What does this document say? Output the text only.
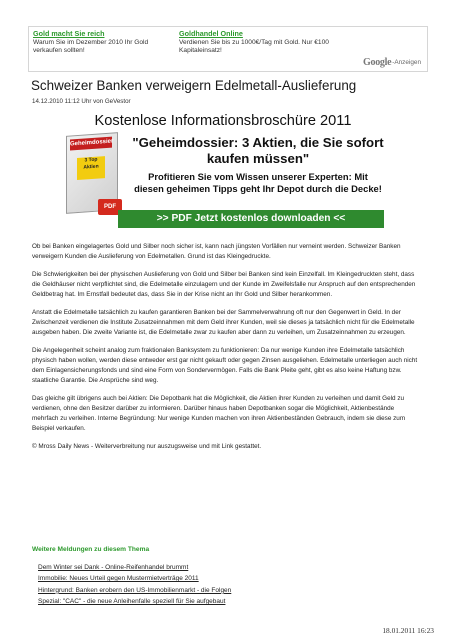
Gold macht Sie reich
Warum Sie im Dezember 2010 Ihr Gold verkaufen sollten!
Goldhandel Online
Verdienen Sie bis zu 1000€/Tag mit Gold. Nur €100 Kapitaleinsatz!
Google -Anzeigen
Schweizer Banken verweigern Edelmetall-Auslieferung
14.12.2010 11:12 Uhr von GeVestor
Kostenlose Informationsbroschüre 2011
Geheimdossier
3 Top Aktien
PDF
"Geheimdossier: 3 Aktien, die Sie sofort kaufen müssen"
Profitieren Sie vom Wissen unserer Experten: Mit diesen geheimen Tipps geht Ihr Depot durch die Decke!
>> PDF Jetzt kostenlos downloaden <<

Ob bei Banken eingelagertes Gold und Silber noch sicher ist, kann nach jüngsten Vorfällen nur verneint werden. Schweizer Banken verweigern Kunden die Auslieferung von Edelmetallen. Grund ist das Kleingedruckte.

Die Schwierigkeiten bei der physischen Auslieferung von Gold und Silber bei Banken sind kein Einzelfall. Im Kleingedruckten steht, dass die Geldhäuser nicht verpflichtet sind, die Edelmetalle einzulagern und der Kunde im Zweifelsfalle nur Anspruch auf den entsprechenden Geldbetrag hat. Im Ernstfall bedeutet das, dass Sie in der Krise nicht an Ihr Gold und Silber herankommen.

Anstatt die Edelmetalle tatsächlich zu kaufen garantieren Banken bei der Sammelverwahrung oft nur den Gegenwert in Geld. In der Zwischenzeit verdienen die Institute Zusatzeinnahmen mit dem Geld ihrer Kunden, weil sie dieses ja tatsächlich nicht für die Edelmetalle ausgeben haben. Die zweite Variante ist, die Edelmetalle zwar zu kaufen aber dann zu verleihen, um Zusatzeinnahmen zu erzeugen.

Die Angelegenheit scheint analog zum fraktionalen Banksystem zu funktionieren: Da nur wenige Kunden ihre Edelmetalle tatsächlich physisch haben wollen, werden diese entweder erst gar nicht gekauft oder gegen Zinsen ausgeliehen. Edelmetalle unterliegen auch nicht dem Einlagensicherungsfonds und sind eine Form von Sondervermögen. Falls die Bank Pleite geht, gibt es also keine Haftung bzw. staatliche Garantie. Die Ansprüche sind weg.

Das gleiche gilt übrigens auch bei Aktien: Die Depotbank hat die Möglichkeit, die Aktien ihrer Kunden zu verleihen und damit Geld zu verdienen, ohne den Besitzer darüber zu informieren. Darüber hinaus haben Depotbanken sogar die Möglichkeit, Aktienbestände mehrfach zu verleihen. Interne Begründung: Nur wenige Kunden machen von ihren Aktienbeständen Gebrauch, indem sie diese zum Beispiel verkaufen.

© Mross Daily News - Weiterverbreitung nur auszugsweise und mit Link gestattet.

Weitere Meldungen zu diesem Thema
Dem Winter sei Dank - Online-Reifenhandel brummt
Immobilie: Neues Urteil gegen Mustermietverträge 2011
Hintergrund: Banken erobern den US-Immobilienmarkt - die Folgen
Spezial: "CAC" - die neue Anleihenfalle speziell für Sie aufgebaut
18.01.2011 16:23
